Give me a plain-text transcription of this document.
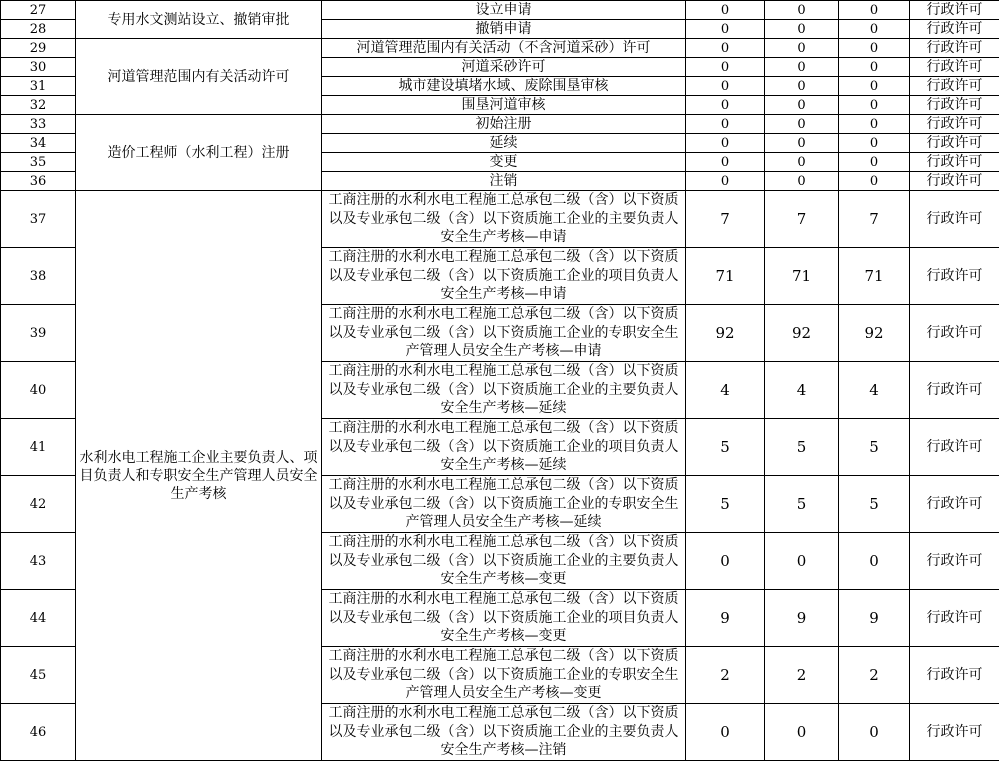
27	专用水文测站设立、撤销审批	设立申请	0	0	0	行政许可
28		撤销申请	0	0	0	行政许可
29	河道管理范围内有关活动许可	河道管理范围内有关活动（不含河道采砂）许可	0	0	0	行政许可
30		河道采砂许可	0	0	0	行政许可
31		城市建设填堵水域、废除围垦审核	0	0	0	行政许可
32		围垦河道审核	0	0	0	行政许可
33	造价工程师（水利工程）注册	初始注册	0	0	0	行政许可
34		延续	0	0	0	行政许可
35		变更	0	0	0	行政许可
36		注销	0	0	0	行政许可
37	水利水电工程施工企业主要负责人、项目负责人和专职安全生产管理人员安全生产考核	工商注册的水利水电工程施工总承包二级（含）以下资质以及专业承包二级（含）以下资质施工企业的主要负责人安全生产考核—申请	7	7	7	行政许可
38		工商注册的水利水电工程施工总承包二级（含）以下资质以及专业承包二级（含）以下资质施工企业的项目负责人安全生产考核—申请	71	71	71	行政许可
39		工商注册的水利水电工程施工总承包二级（含）以下资质以及专业承包二级（含）以下资质施工企业的专职安全生产管理人员安全生产考核—申请	92	92	92	行政许可
40		工商注册的水利水电工程施工总承包二级（含）以下资质以及专业承包二级（含）以下资质施工企业的主要负责人安全生产考核—延续	4	4	4	行政许可
41		工商注册的水利水电工程施工总承包二级（含）以下资质以及专业承包二级（含）以下资质施工企业的项目负责人安全生产考核—延续	5	5	5	行政许可
42		工商注册的水利水电工程施工总承包二级（含）以下资质以及专业承包二级（含）以下资质施工企业的专职安全生产管理人员安全生产考核—延续	5	5	5	行政许可
43		工商注册的水利水电工程施工总承包二级（含）以下资质以及专业承包二级（含）以下资质施工企业的主要负责人安全生产考核—变更	0	0	0	行政许可
44		工商注册的水利水电工程施工总承包二级（含）以下资质以及专业承包二级（含）以下资质施工企业的项目负责人安全生产考核—变更	9	9	9	行政许可
45		工商注册的水利水电工程施工总承包二级（含）以下资质以及专业承包二级（含）以下资质施工企业的专职安全生产管理人员安全生产考核—变更	2	2	2	行政许可
46		工商注册的水利水电工程施工总承包二级（含）以下资质以及专业承包二级（含）以下资质施工企业的主要负责人安全生产考核—注销	0	0	0	行政许可
